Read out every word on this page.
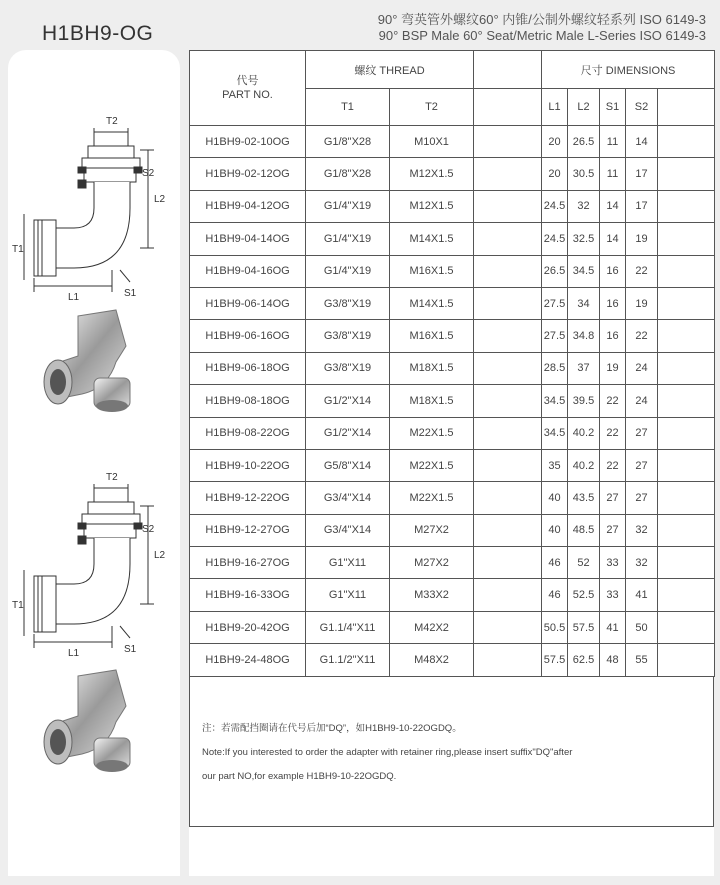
H1BH9-OG
90° 弯英管外螺纹60° 内锥/公制外螺纹轻系列 ISO 6149-3
90° BSP Male 60° Seat/Metric Male L-Series ISO 6149-3
T2
L2
S2
T1
L1	S1
T2
L2
S2
T1
L1	S1
代号
PART NO.	螺纹 THREAD			尺寸 DIMENSIONS				
	T1	T2		L1	L2	S1	S2	
H1BH9-02-10OG	G1/8"X28	M10X1		20	26.5	11	14	
H1BH9-02-12OG	G1/8"X28	M12X1.5		20	30.5	11	17	
H1BH9-04-12OG	G1/4"X19	M12X1.5		24.5	32	14	17	
H1BH9-04-14OG	G1/4"X19	M14X1.5		24.5	32.5	14	19	
H1BH9-04-16OG	G1/4"X19	M16X1.5		26.5	34.5	16	22	
H1BH9-06-14OG	G3/8"X19	M14X1.5		27.5	34	16	19	
H1BH9-06-16OG	G3/8"X19	M16X1.5		27.5	34.8	16	22	
H1BH9-06-18OG	G3/8"X19	M18X1.5		28.5	37	19	24	
H1BH9-08-18OG	G1/2"X14	M18X1.5		34.5	39.5	22	24	
H1BH9-08-22OG	G1/2"X14	M22X1.5		34.5	40.2	22	27	
H1BH9-10-22OG	G5/8"X14	M22X1.5		35	40.2	22	27	
H1BH9-12-22OG	G3/4"X14	M22X1.5		40	43.5	27	27	
H1BH9-12-27OG	G3/4"X14	M27X2		40	48.5	27	32	
H1BH9-16-27OG	G1"X11	M27X2		46	52	33	32	
H1BH9-16-33OG	G1"X11	M33X2		46	52.5	33	41	
H1BH9-20-42OG	G1.1/4"X11	M42X2		50.5	57.5	41	50	
H1BH9-24-48OG	G1.1/2"X11	M48X2		57.5	62.5	48	55	
注：若需配挡圈请在代号后加“DQ”，如H1BH9-10-22OGDQ。
Note:If you interested to order the adapter with retainer ring,please insert suffix"DQ"after
our part NO,for example H1BH9-10-22OGDQ.
